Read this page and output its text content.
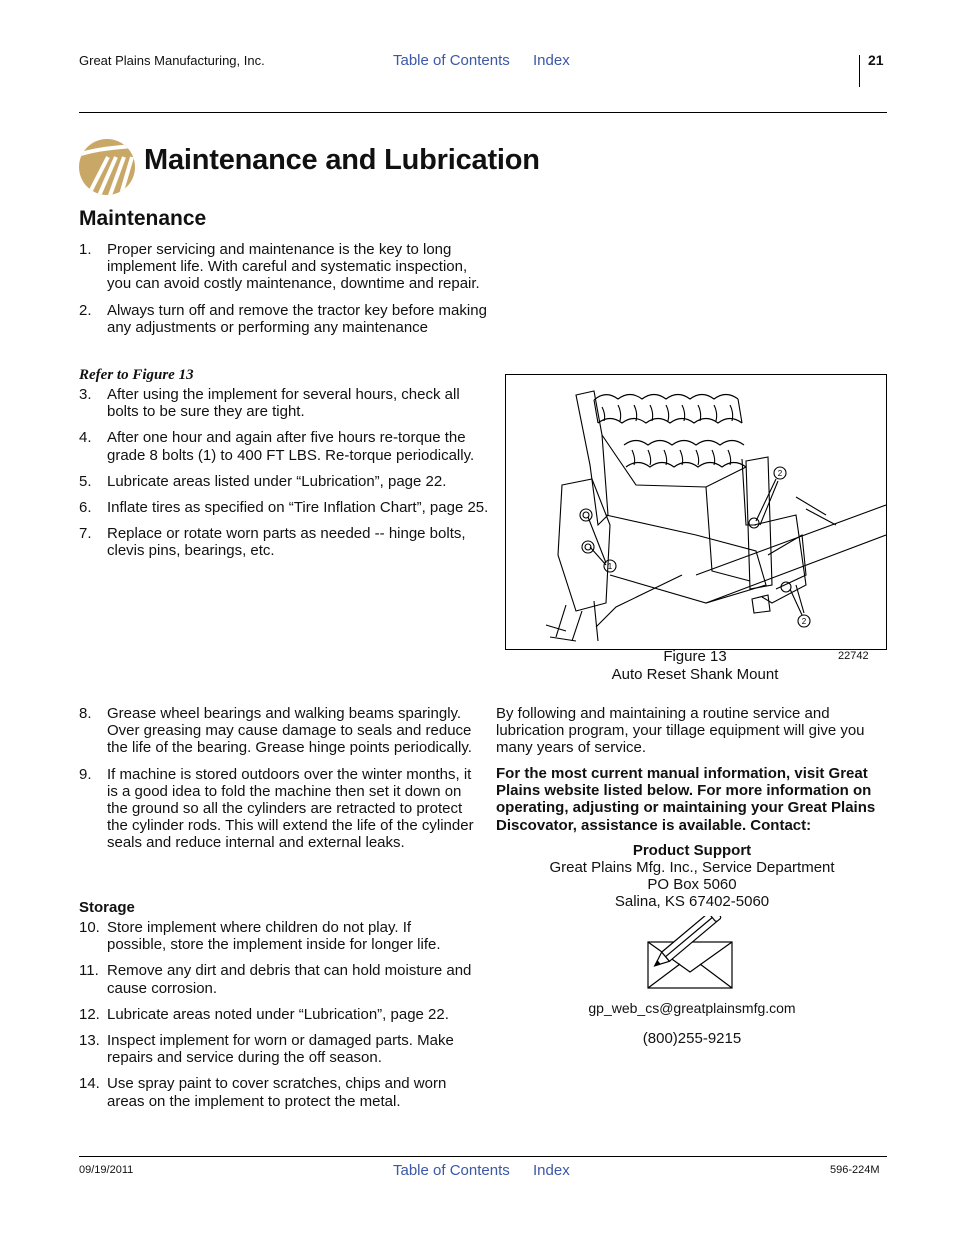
Great Plains Manufacturing, Inc.	Table of Contents Index	21
Maintenance and Lubrication
Maintenance
1. Proper servicing and maintenance is the key to long implement life. With careful and systematic inspection, you can avoid costly maintenance, downtime and repair.
2. Always turn off and remove the tractor key before making any adjustments or performing any maintenance
Refer to Figure 13
3. After using the implement for several hours, check all bolts to be sure they are tight.
4. After one hour and again after five hours re-torque the grade 8 bolts (1) to 400 FT LBS. Re-torque periodically.
5. Lubricate areas listed under “Lubrication”, page 22.
6. Inflate tires as specified on “Tire Inflation Chart”, page 25.
7. Replace or rotate worn parts as needed -- hinge bolts, clevis pins, bearings, etc.
1
2
2
Figure 13	22742
Auto Reset Shank Mount
8. Grease wheel bearings and walking beams sparingly. Over greasing may cause damage to seals and reduce the life of the bearing. Grease hinge points periodically.
9. If machine is stored outdoors over the winter months, it is a good idea to fold the machine then set it down on the ground so all the cylinders are retracted to protect the cylinder rods. This will extend the life of the cylinder seals and reduce internal and external leaks.
Storage
10. Store implement where children do not play. If possible, store the implement inside for longer life.
11. Remove any dirt and debris that can hold moisture and cause corrosion.
12. Lubricate areas noted under “Lubrication”, page 22.
13. Inspect implement for worn or damaged parts. Make repairs and service during the off season.
14. Use spray paint to cover scratches, chips and worn areas on the implement to protect the metal.
By following and maintaining a routine service and lubrication program, your tillage equipment will give you many years of service.
For the most current manual information, visit Great Plains website listed below. For more information on operating, adjusting or maintaining your Great Plains Discovator, assistance is available. Contact:
Product Support
Great Plains Mfg. Inc., Service Department
PO Box 5060
Salina, KS 67402-5060
gp_web_cs@greatplainsmfg.com
(800)255-9215
09/19/2011	Table of Contents Index	596-224M
